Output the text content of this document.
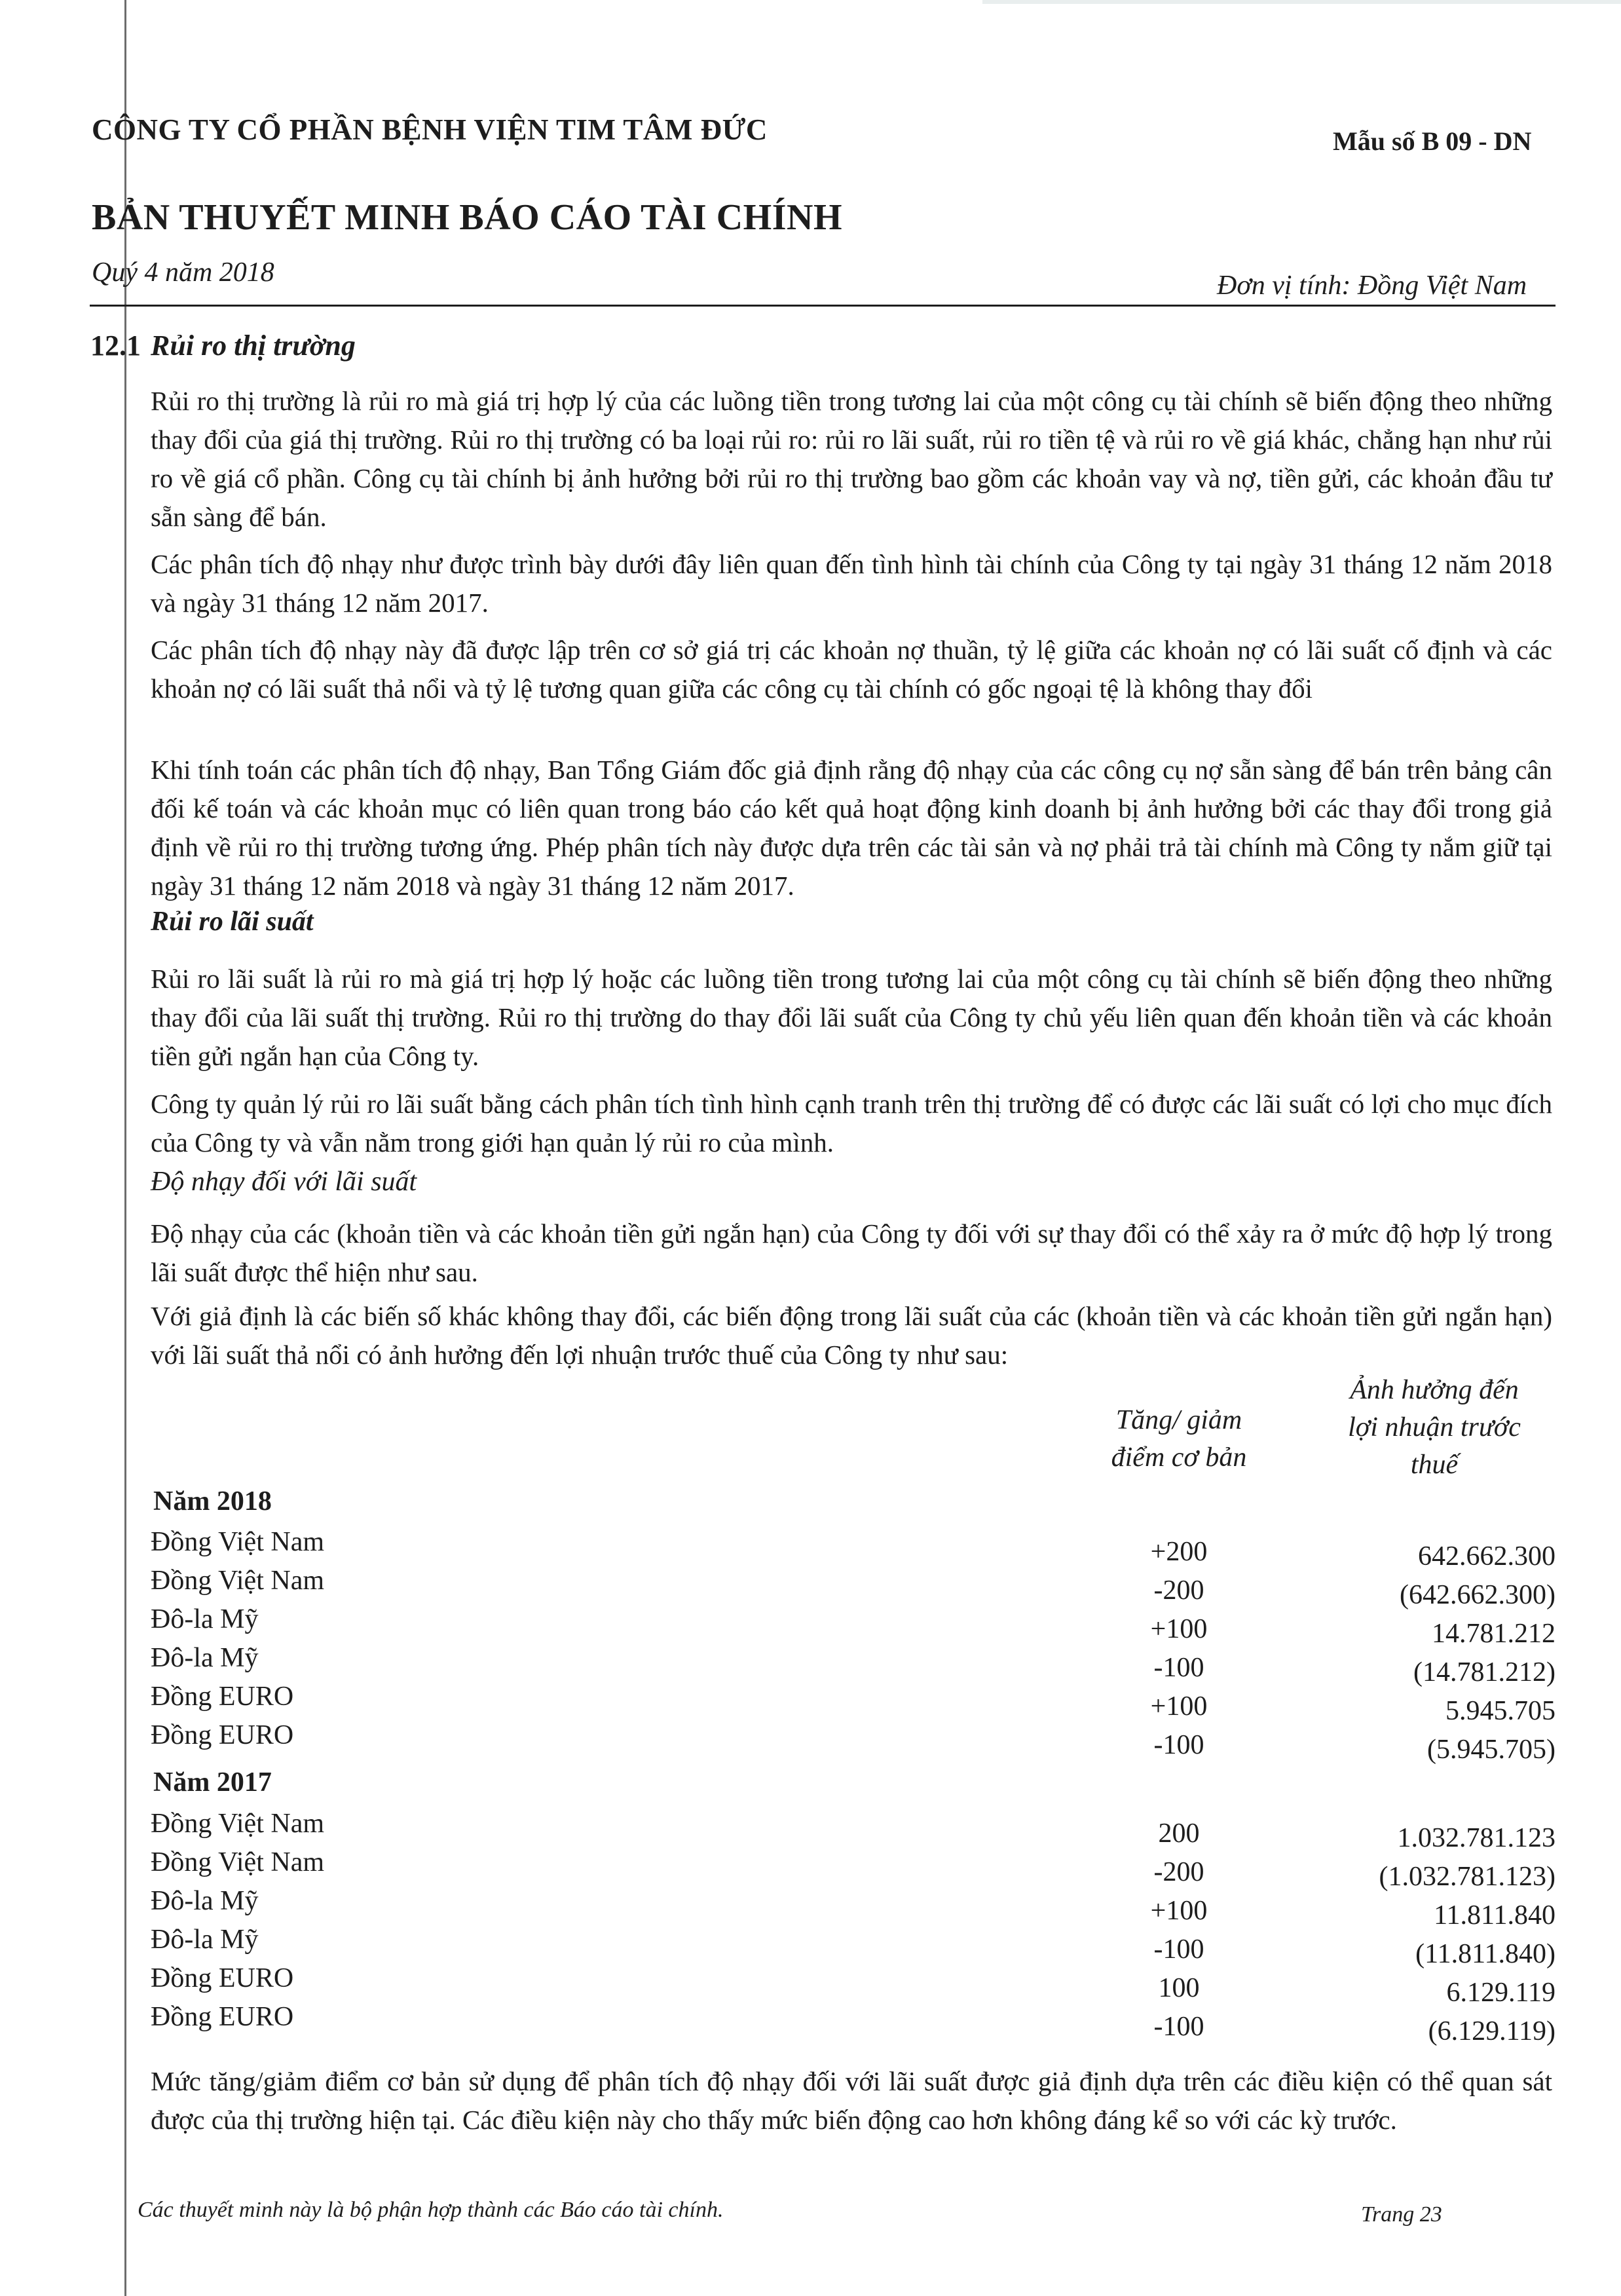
CÔNG TY CỔ PHẦN BỆNH VIỆN TIM TÂM ĐỨC	Mẫu số B 09 - DN
BẢN THUYẾT MINH BÁO CÁO TÀI CHÍNH
Quý 4 năm 2018	Đơn vị tính: Đồng Việt Nam
12.1 Rủi ro thị trường
Rủi ro thị trường là rủi ro mà giá trị hợp lý của các luồng tiền trong tương lai của một công cụ tài chính sẽ biến động theo những thay đổi của giá thị trường. Rủi ro thị trường có ba loại rủi ro: rủi ro lãi suất, rủi ro tiền tệ và rủi ro về giá khác, chẳng hạn như rủi ro về giá cổ phần. Công cụ tài chính bị ảnh hưởng bởi rủi ro thị trường bao gồm các khoản vay và nợ, tiền gửi, các khoản đầu tư sẵn sàng để bán.
Các phân tích độ nhạy như được trình bày dưới đây liên quan đến tình hình tài chính của Công ty tại ngày 31 tháng 12 năm 2018 và ngày 31 tháng 12 năm 2017.
Các phân tích độ nhạy này đã được lập trên cơ sở giá trị các khoản nợ thuần, tỷ lệ giữa các khoản nợ có lãi suất cố định và các khoản nợ có lãi suất thả nổi và tỷ lệ tương quan giữa các công cụ tài chính có gốc ngoại tệ là không thay đổi
Khi tính toán các phân tích độ nhạy, Ban Tổng Giám đốc giả định rằng độ nhạy của các công cụ nợ sẵn sàng để bán trên bảng cân đối kế toán và các khoản mục có liên quan trong báo cáo kết quả hoạt động kinh doanh bị ảnh hưởng bởi các thay đổi trong giả định về rủi ro thị trường tương ứng. Phép phân tích này được dựa trên các tài sản và nợ phải trả tài chính mà Công ty nắm giữ tại ngày 31 tháng 12 năm 2018 và ngày 31 tháng 12 năm 2017.
Rủi ro lãi suất
Rủi ro lãi suất là rủi ro mà giá trị hợp lý hoặc các luồng tiền trong tương lai của một công cụ tài chính sẽ biến động theo những thay đổi của lãi suất thị trường. Rủi ro thị trường do thay đổi lãi suất của Công ty chủ yếu liên quan đến khoản tiền và các khoản tiền gửi ngắn hạn của Công ty.
Công ty quản lý rủi ro lãi suất bằng cách phân tích tình hình cạnh tranh trên thị trường để có được các lãi suất có lợi cho mục đích của Công ty và vẫn nằm trong giới hạn quản lý rủi ro của mình.
Độ nhạy đối với lãi suất
Độ nhạy của các (khoản tiền và các khoản tiền gửi ngắn hạn) của Công ty đối với sự thay đổi có thể xảy ra ở mức độ hợp lý trong lãi suất được thể hiện như sau.
Với giả định là các biến số khác không thay đổi, các biến động trong lãi suất của các (khoản tiền và các khoản tiền gửi ngắn hạn) với lãi suất thả nổi có ảnh hưởng đến lợi nhuận trước thuế của Công ty như sau:
Tăng/ giảm
điểm cơ bản
Ảnh hưởng đến
lợi nhuận trước
thuế
Năm 2018
Đồng Việt Nam	+200	642.662.300
Đồng Việt Nam	-200	(642.662.300)
Đô-la Mỹ	+100	14.781.212
Đô-la Mỹ	-100	(14.781.212)
Đồng EURO	+100	5.945.705
Đồng EURO	-100	(5.945.705)
Năm 2017
Đồng Việt Nam	200	1.032.781.123
Đồng Việt Nam	-200	(1.032.781.123)
Đô-la Mỹ	+100	11.811.840
Đô-la Mỹ	-100	(11.811.840)
Đồng EURO	100	6.129.119
Đồng EURO	-100	(6.129.119)
Mức tăng/giảm điểm cơ bản sử dụng để phân tích độ nhạy đối với lãi suất được giả định dựa trên các điều kiện có thể quan sát được của thị trường hiện tại. Các điều kiện này cho thấy mức biến động cao hơn không đáng kể so với các kỳ trước.
Các thuyết minh này là bộ phận hợp thành các Báo cáo tài chính.	Trang 23
